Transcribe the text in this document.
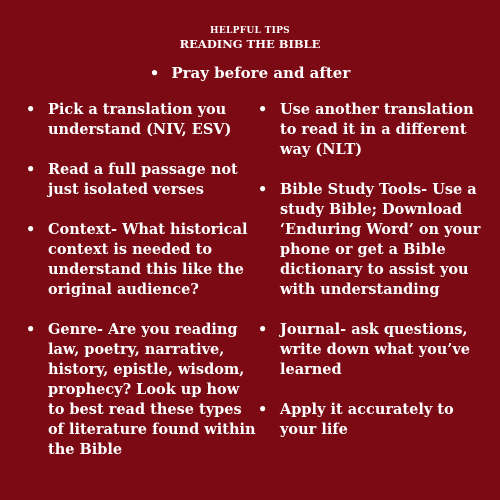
HELPFUL TIPS
READING THE BIBLE
• Pray before and after
• Pick a translation you understand (NIV, ESV)
• Read a full passage not just isolated verses
• Context- What historical context is needed to understand this like the original audience?
• Genre- Are you reading law, poetry, narrative, history, epistle, wisdom, prophecy? Look up how to best read these types of literature found within the Bible
• Use another translation to read it in a different way (NLT)
• Bible Study Tools- Use a study Bible; Download ‘Enduring Word’ on your phone or get a Bible dictionary to assist you with understanding
• Journal- ask questions, write down what you’ve learned
• Apply it accurately to your life
